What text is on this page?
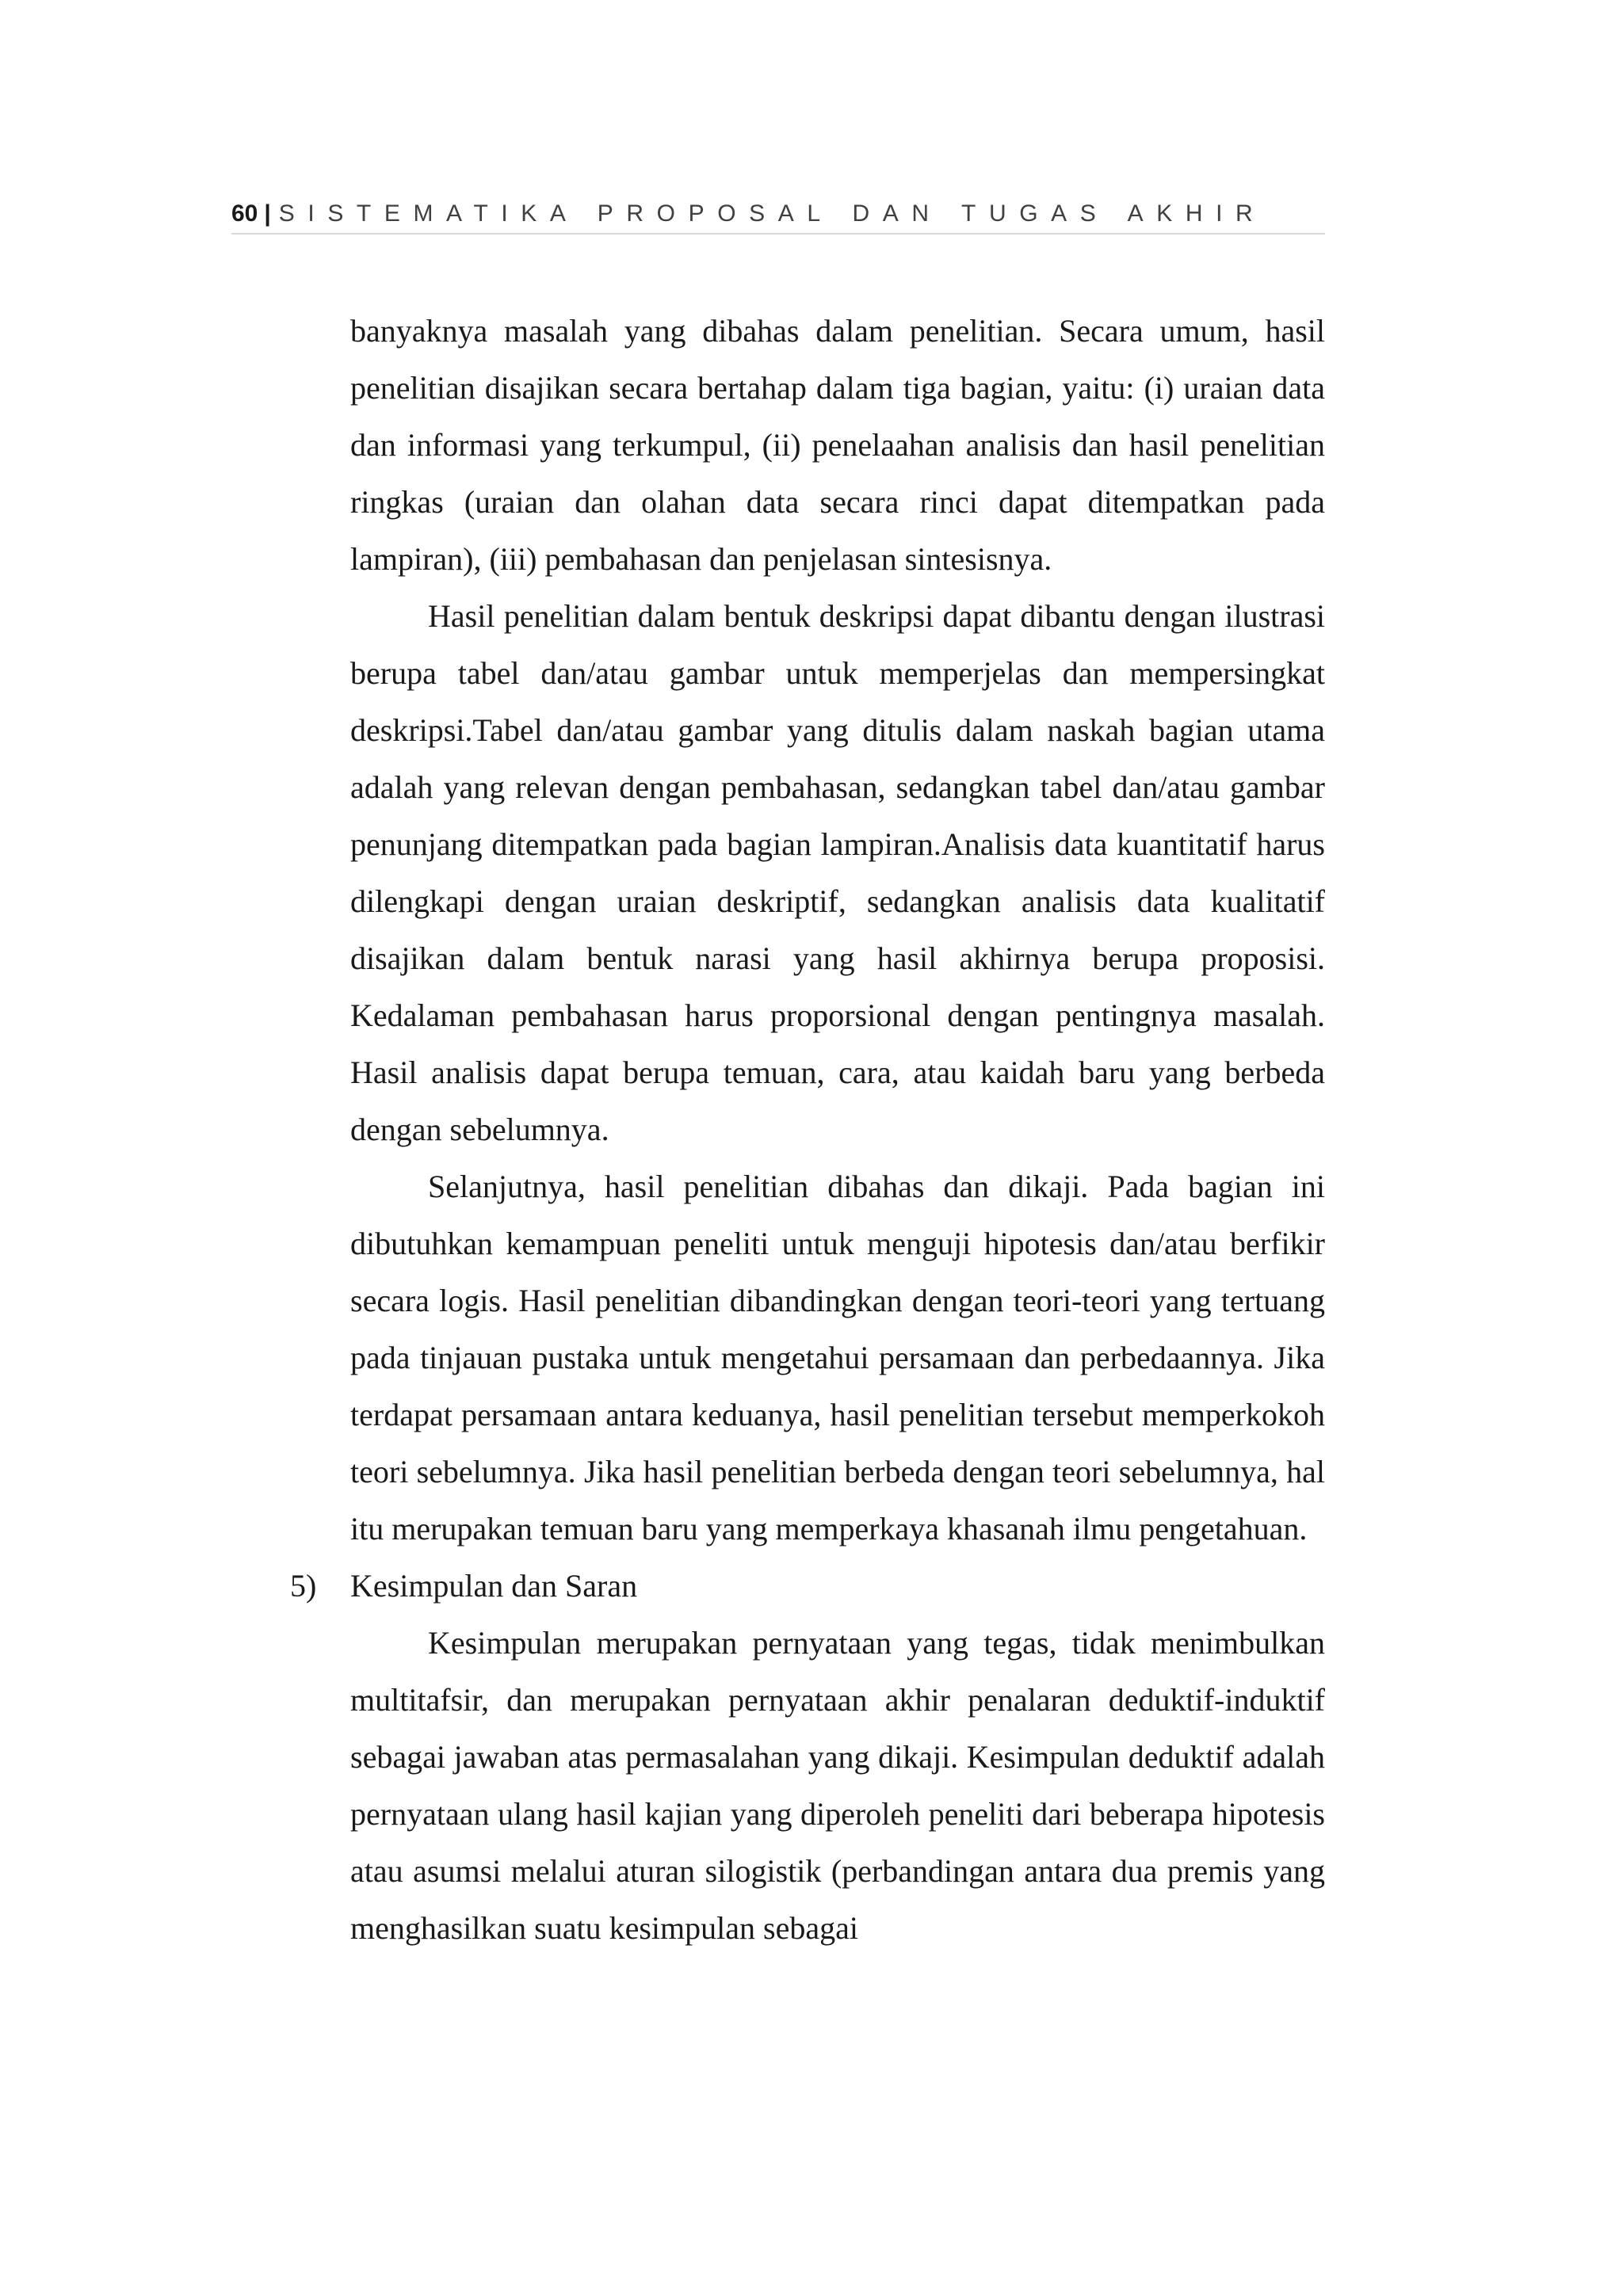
60 | SISTEMATIKA PROPOSAL DAN TUGAS AKHIR

banyaknya masalah yang dibahas dalam penelitian. Secara umum, hasil penelitian disajikan secara bertahap dalam tiga bagian, yaitu: (i) uraian data dan informasi yang terkumpul, (ii) penelaahan analisis dan hasil penelitian ringkas (uraian dan olahan data secara rinci dapat ditempatkan pada lampiran), (iii) pembahasan dan penjelasan sintesisnya.

Hasil penelitian dalam bentuk deskripsi dapat dibantu dengan ilustrasi berupa tabel dan/atau gambar untuk memperjelas dan mempersingkat deskripsi.Tabel dan/atau gambar yang ditulis dalam naskah bagian utama adalah yang relevan dengan pembahasan, sedangkan tabel dan/atau gambar penunjang ditempatkan pada bagian lampiran.Analisis data kuantitatif harus dilengkapi dengan uraian deskriptif, sedangkan analisis data kualitatif disajikan dalam bentuk narasi yang hasil akhirnya berupa proposisi. Kedalaman pembahasan harus proporsional dengan pentingnya masalah. Hasil analisis dapat berupa temuan, cara, atau kaidah baru yang berbeda dengan sebelumnya.

Selanjutnya, hasil penelitian dibahas dan dikaji. Pada bagian ini dibutuhkan kemampuan peneliti untuk menguji hipotesis dan/atau berfikir secara logis. Hasil penelitian dibandingkan dengan teori-teori yang tertuang pada tinjauan pustaka untuk mengetahui persamaan dan perbedaannya. Jika terdapat persamaan antara keduanya, hasil penelitian tersebut memperkokoh teori sebelumnya. Jika hasil penelitian berbeda dengan teori sebelumnya, hal itu merupakan temuan baru yang memperkaya khasanah ilmu pengetahuan.

5) Kesimpulan dan Saran

Kesimpulan merupakan pernyataan yang tegas, tidak menimbulkan multitafsir, dan merupakan pernyataan akhir penalaran deduktif-induktif sebagai jawaban atas permasalahan yang dikaji. Kesimpulan deduktif adalah pernyataan ulang hasil kajian yang diperoleh peneliti dari beberapa hipotesis atau asumsi melalui aturan silogistik (perbandingan antara dua premis yang menghasilkan suatu kesimpulan sebagai
